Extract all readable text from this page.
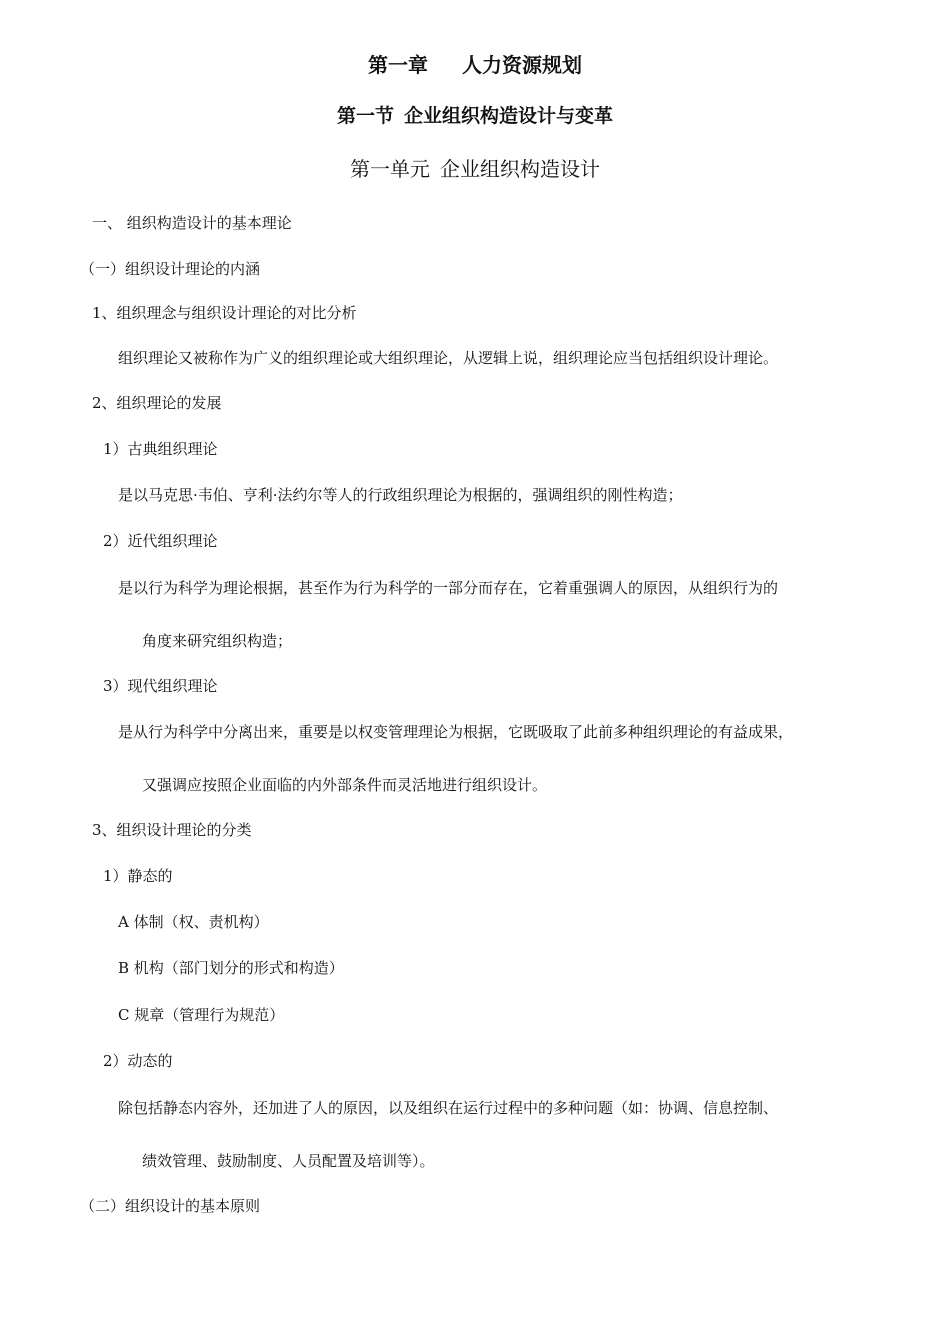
第一章 人力资源规划
第一节 企业组织构造设计与变革
第一单元 企业组织构造设计
一、 组织构造设计的基本理论
（一）组织设计理论的内涵
1、组织理念与组织设计理论的对比分析
组织理论又被称作为广义的组织理论或大组织理论，从逻辑上说，组织理论应当包括组织设计理论。
2、组织理论的发展
1）古典组织理论
是以马克思·韦伯、亨利·法约尔等人的行政组织理论为根据的，强调组织的刚性构造；
2）近代组织理论
是以行为科学为理论根据，甚至作为行为科学的一部分而存在，它着重强调人的原因，从组织行为的
角度来研究组织构造；
3）现代组织理论
是从行为科学中分离出来，重要是以权变管理理论为根据，它既吸取了此前多种组织理论的有益成果，
又强调应按照企业面临的内外部条件而灵活地进行组织设计。
3、组织设计理论的分类
1）静态的
A 体制（权、责机构）
B 机构（部门划分的形式和构造）
C 规章（管理行为规范）
2）动态的
除包括静态内容外，还加进了人的原因，以及组织在运行过程中的多种问题（如：协调、信息控制、
绩效管理、鼓励制度、人员配置及培训等）。
（二）组织设计的基本原则
